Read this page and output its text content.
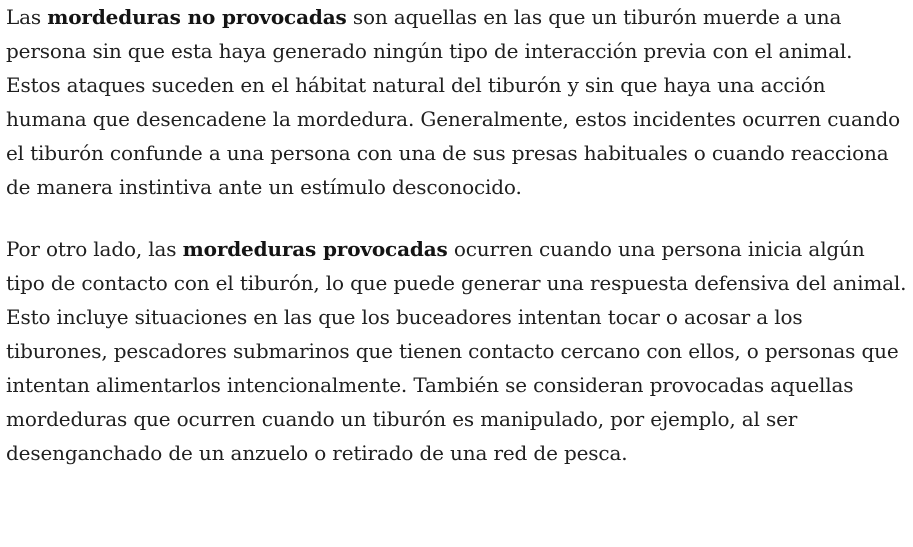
Las mordeduras no provocadas son aquellas en las que un tiburón muerde a una persona sin que esta haya generado ningún tipo de interacción previa con el animal. Estos ataques suceden en el hábitat natural del tiburón y sin que haya una acción humana que desencadene la mordedura. Generalmente, estos incidentes ocurren cuando el tiburón confunde a una persona con una de sus presas habituales o cuando reacciona de manera instintiva ante un estímulo desconocido.

Por otro lado, las mordeduras provocadas ocurren cuando una persona inicia algún tipo de contacto con el tiburón, lo que puede generar una respuesta defensiva del animal. Esto incluye situaciones en las que los buceadores intentan tocar o acosar a los tiburones, pescadores submarinos que tienen contacto cercano con ellos, o personas que intentan alimentarlos intencionalmente. También se consideran provocadas aquellas mordeduras que ocurren cuando un tiburón es manipulado, por ejemplo, al ser desenganchado de un anzuelo o retirado de una red de pesca.
